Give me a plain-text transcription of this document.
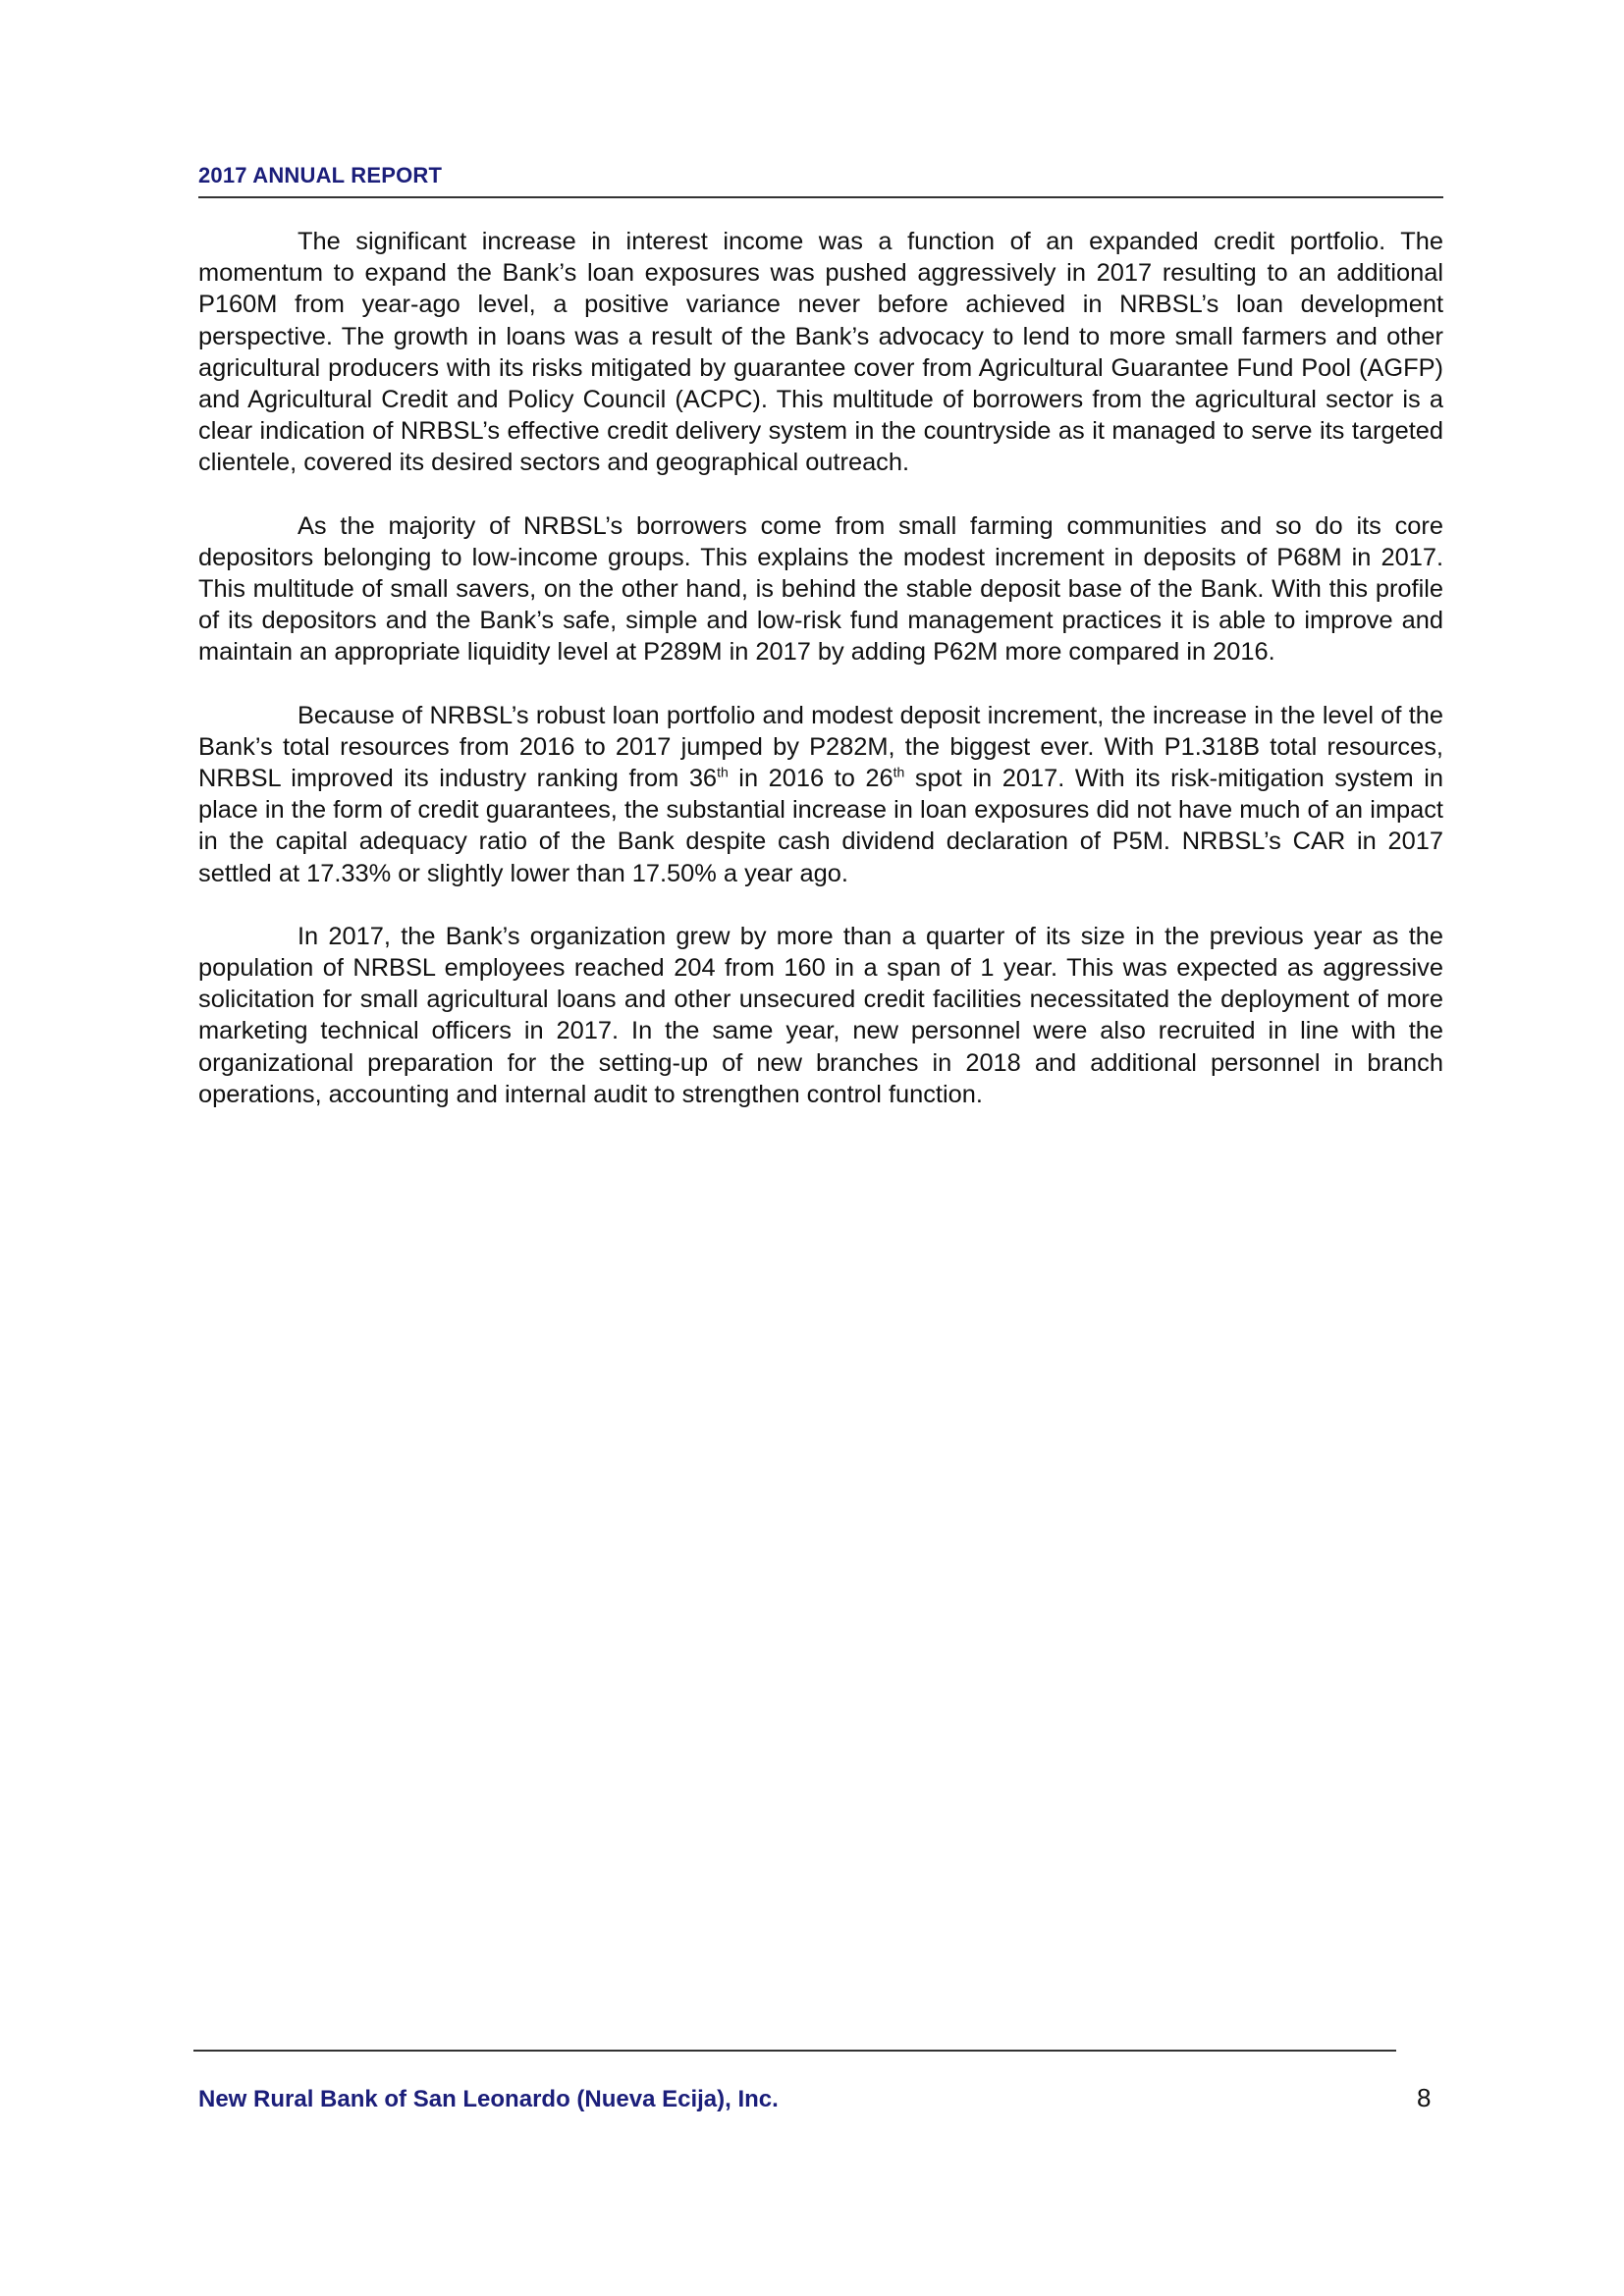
2017 ANNUAL REPORT

The significant increase in interest income was a function of an expanded credit portfolio. The momentum to expand the Bank’s loan exposures was pushed aggressively in 2017 resulting to an additional P160M from year-ago level, a positive variance never before achieved in NRBSL’s loan development perspective. The growth in loans was a result of the Bank’s advocacy to lend to more small farmers and other agricultural producers with its risks mitigated by guarantee cover from Agricultural Guarantee Fund Pool (AGFP) and Agricultural Credit and Policy Council (ACPC). This multitude of borrowers from the agricultural sector is a clear indication of NRBSL’s effective credit delivery system in the countryside as it managed to serve its targeted clientele, covered its desired sectors and geographical outreach.

As the majority of NRBSL’s borrowers come from small farming communities and so do its core depositors belonging to low-income groups. This explains the modest increment in deposits of P68M in 2017. This multitude of small savers, on the other hand, is behind the stable deposit base of the Bank. With this profile of its depositors and the Bank’s safe, simple and low-risk fund management practices it is able to improve and maintain an appropriate liquidity level at P289M in 2017 by adding P62M more compared in 2016.

Because of NRBSL’s robust loan portfolio and modest deposit increment, the increase in the level of the Bank’s total resources from 2016 to 2017 jumped by P282M, the biggest ever. With P1.318B total resources, NRBSL improved its industry ranking from 36th in 2016 to 26th spot in 2017. With its risk-mitigation system in place in the form of credit guarantees, the substantial increase in loan exposures did not have much of an impact in the capital adequacy ratio of the Bank despite cash dividend declaration of P5M. NRBSL’s CAR in 2017 settled at 17.33% or slightly lower than 17.50% a year ago.

In 2017, the Bank’s organization grew by more than a quarter of its size in the previous year as the population of NRBSL employees reached 204 from 160 in a span of 1 year. This was expected as aggressive solicitation for small agricultural loans and other unsecured credit facilities necessitated the deployment of more marketing technical officers in 2017. In the same year, new personnel were also recruited in line with the organizational preparation for the setting-up of new branches in 2018 and additional personnel in branch operations, accounting and internal audit to strengthen control function.

New Rural Bank of San Leonardo (Nueva Ecija), Inc.	8
